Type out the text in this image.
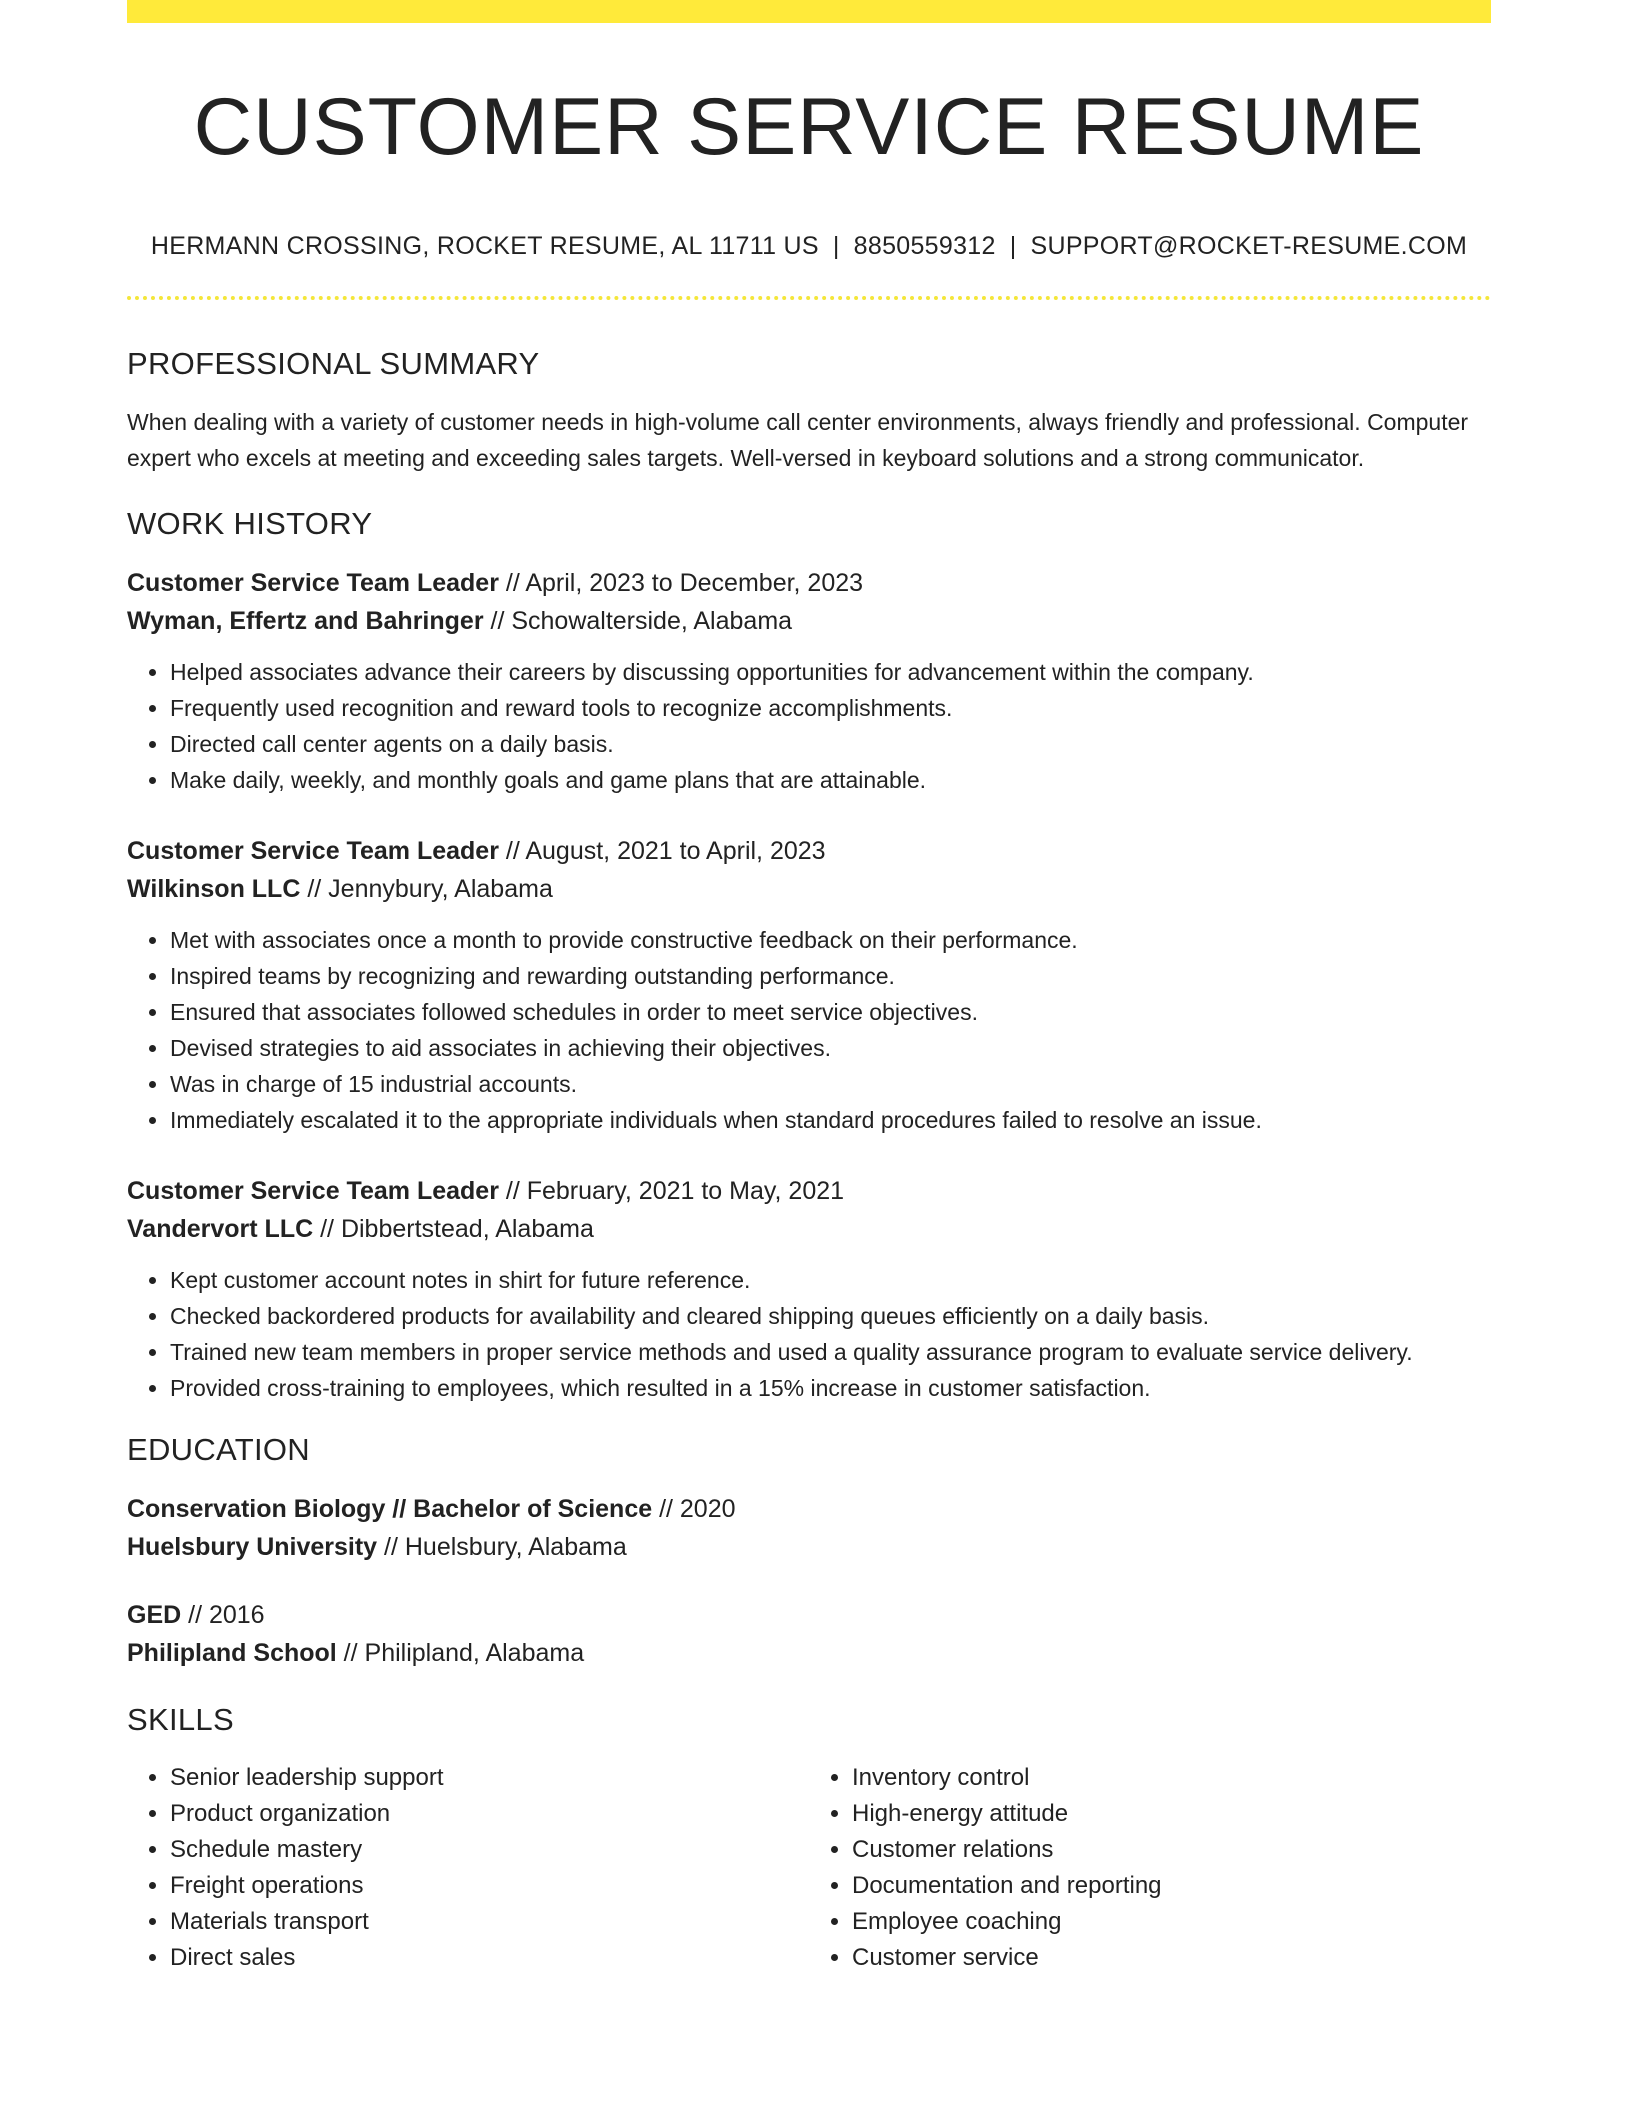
CUSTOMER SERVICE RESUME
HERMANN CROSSING, ROCKET RESUME, AL 11711 US | 8850559312 | SUPPORT@ROCKET-RESUME.COM
PROFESSIONAL SUMMARY

When dealing with a variety of customer needs in high-volume call center environments, always friendly and professional. Computer expert who excels at meeting and exceeding sales targets. Well-versed in keyboard solutions and a strong communicator.

WORK HISTORY
Customer Service Team Leader // April, 2023 to December, 2023
Wyman, Effertz and Bahringer // Schowalterside, Alabama
• Helped associates advance their careers by discussing opportunities for advancement within the company.
• Frequently used recognition and reward tools to recognize accomplishments.
• Directed call center agents on a daily basis.
• Make daily, weekly, and monthly goals and game plans that are attainable.
Customer Service Team Leader // August, 2021 to April, 2023
Wilkinson LLC // Jennybury, Alabama
• Met with associates once a month to provide constructive feedback on their performance.
• Inspired teams by recognizing and rewarding outstanding performance.
• Ensured that associates followed schedules in order to meet service objectives.
• Devised strategies to aid associates in achieving their objectives.
• Was in charge of 15 industrial accounts.
• Immediately escalated it to the appropriate individuals when standard procedures failed to resolve an issue.
Customer Service Team Leader // February, 2021 to May, 2021
Vandervort LLC // Dibbertstead, Alabama
• Kept customer account notes in shirt for future reference.
• Checked backordered products for availability and cleared shipping queues efficiently on a daily basis.
• Trained new team members in proper service methods and used a quality assurance program to evaluate service delivery.
• Provided cross-training to employees, which resulted in a 15% increase in customer satisfaction.
EDUCATION
Conservation Biology // Bachelor of Science // 2020
Huelsbury University // Huelsbury, Alabama
GED // 2016
Philipland School // Philipland, Alabama
SKILLS
• Senior leadership support
• Product organization
• Schedule mastery
• Freight operations
• Materials transport
• Direct sales
• Inventory control
• High-energy attitude
• Customer relations
• Documentation and reporting
• Employee coaching
• Customer service
